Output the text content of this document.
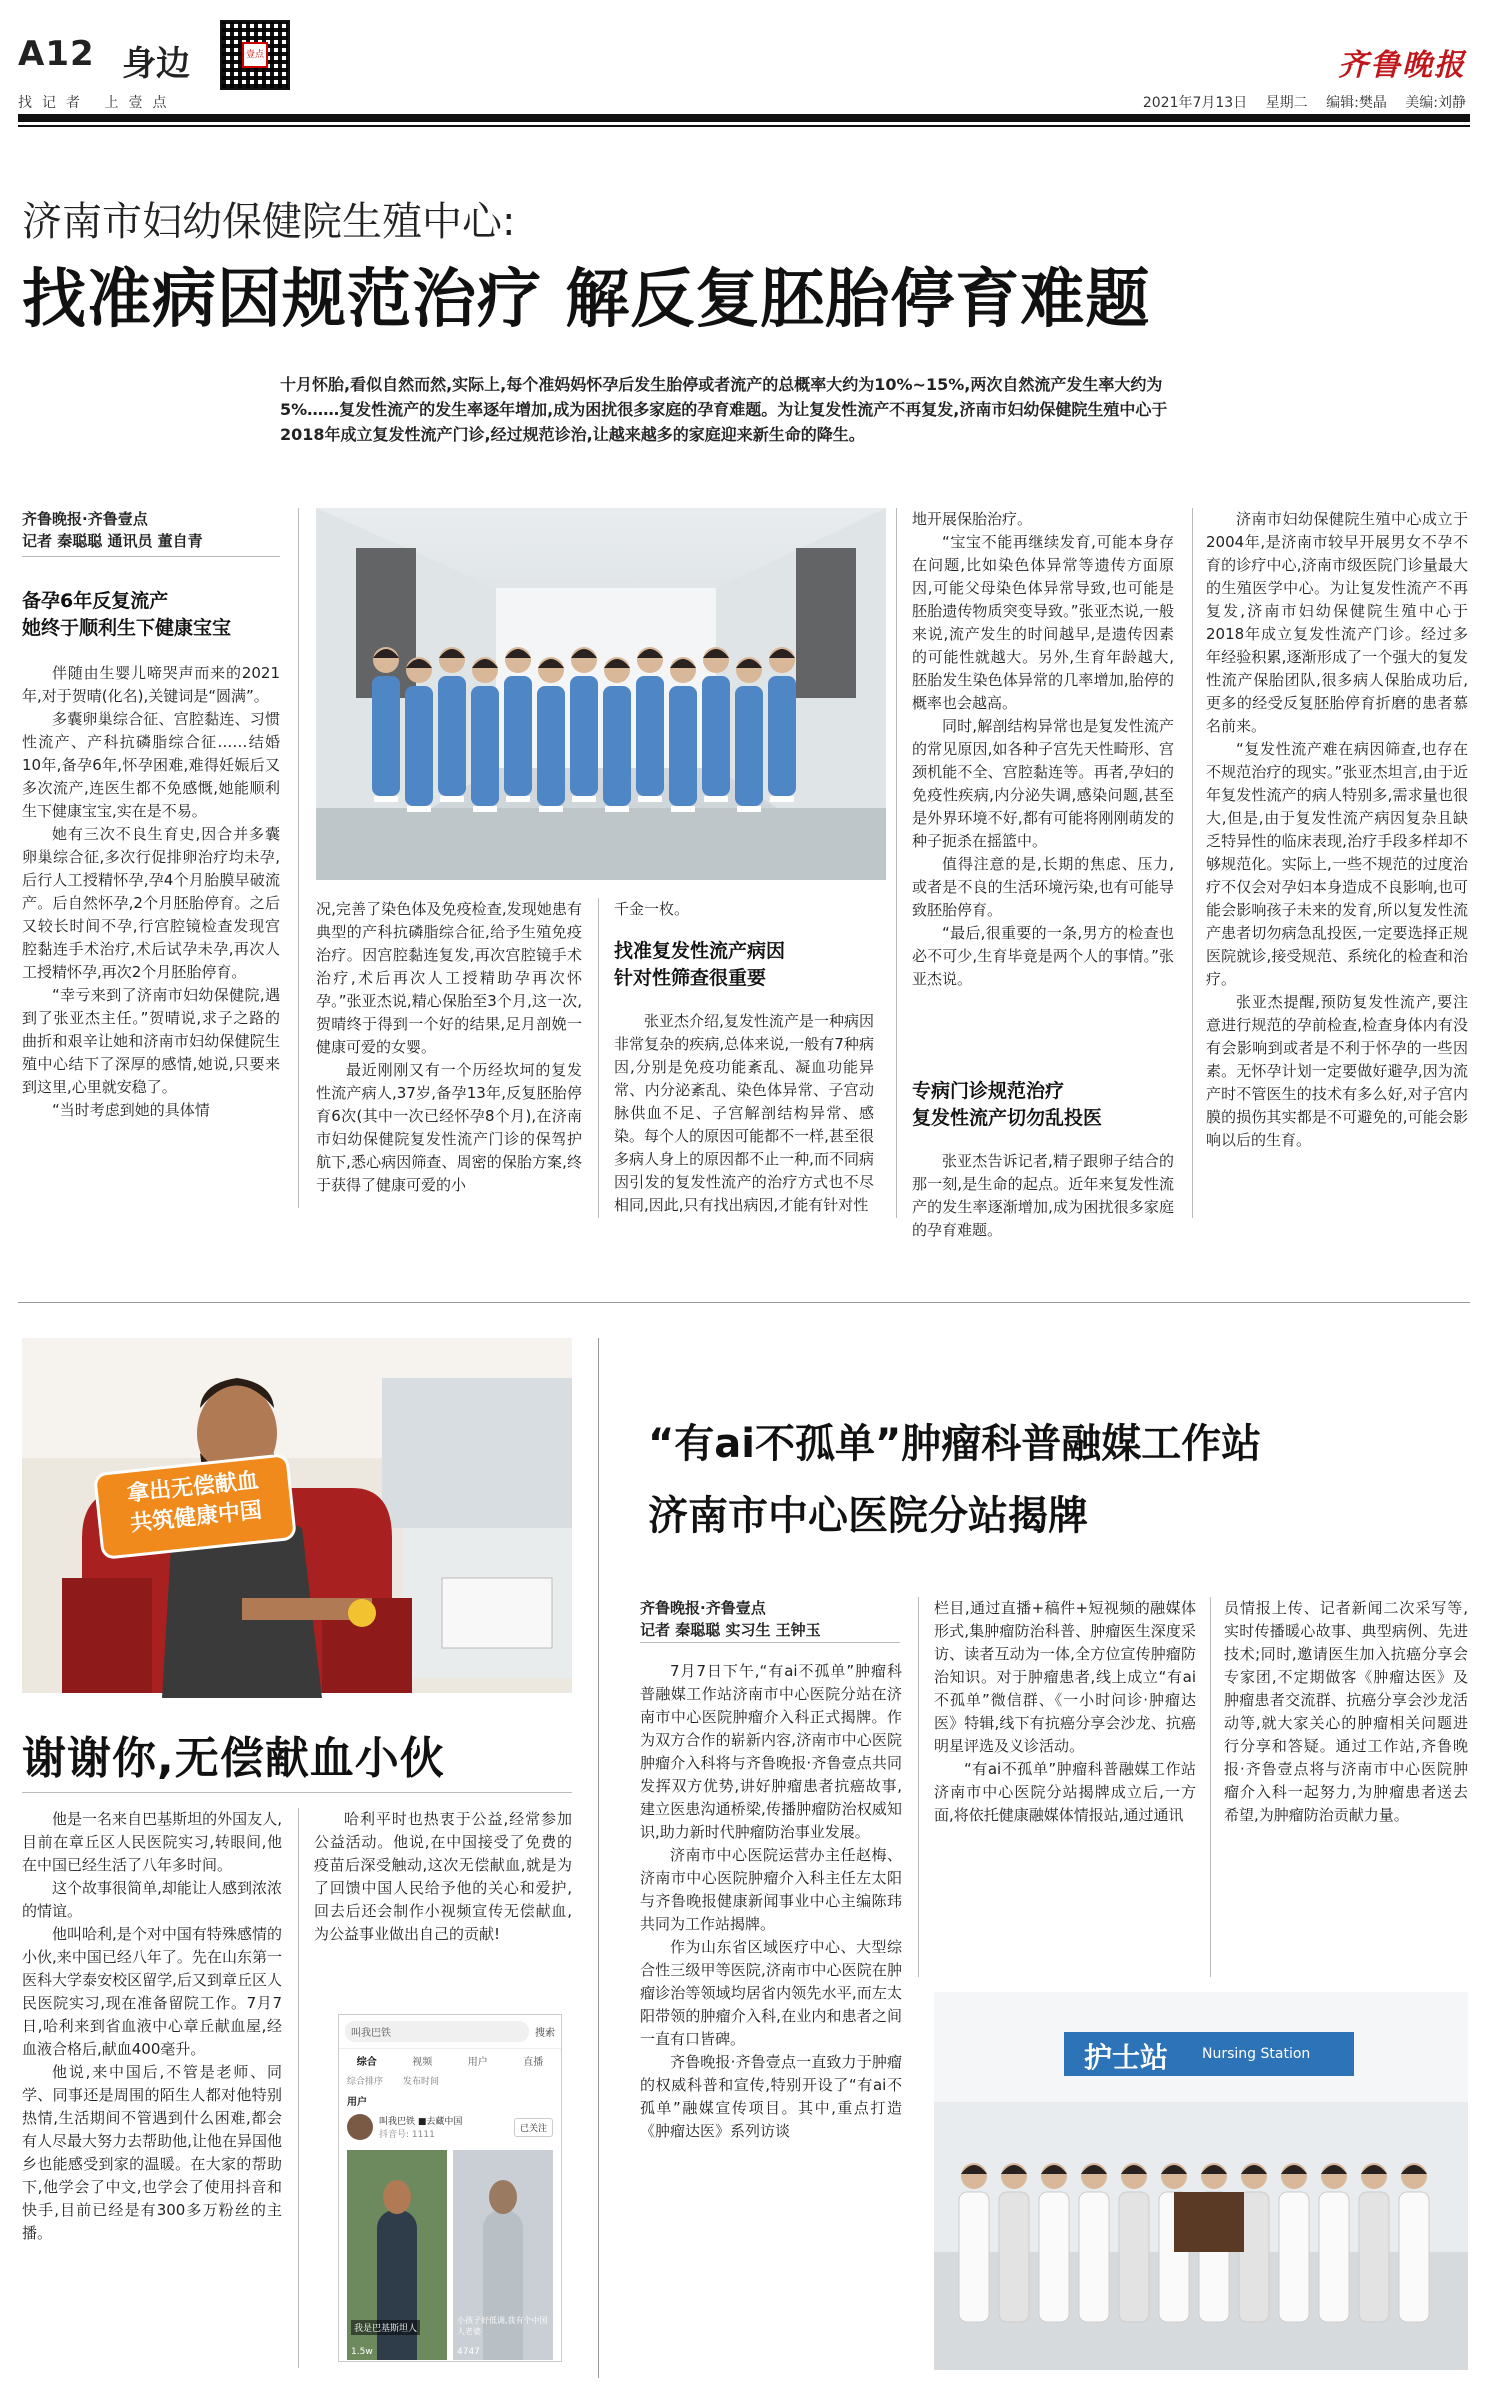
A12 身边
找记者 上壹点
壹点	齐鲁晚报
2021年7月13日 星期二 编辑:樊晶 美编:刘静
济南市妇幼保健院生殖中心:
找准病因规范治疗 解反复胚胎停育难题
十月怀胎,看似自然而然,实际上,每个准妈妈怀孕后发生胎停或者流产的总概率大约为10%~15%,两次自然流产发生率大约为5%……复发性流产的发生率逐年增加,成为困扰很多家庭的孕育难题。为让复发性流产不再复发,济南市妇幼保健院生殖中心于2018年成立复发性流产门诊,经过规范诊治,让越来越多的家庭迎来新生命的降生。
齐鲁晚报·齐鲁壹点
记者 秦聪聪 通讯员 董自青
备孕6年反复流产
她终于顺利生下健康宝宝

伴随由生婴儿啼哭声而来的2021年,对于贺晴(化名),关键词是“圆满”。

多囊卵巢综合征、宫腔黏连、习惯性流产、产科抗磷脂综合征……结婚10年,备孕6年,怀孕困难,难得妊娠后又多次流产,连医生都不免感慨,她能顺利生下健康宝宝,实在是不易。

她有三次不良生育史,因合并多囊卵巢综合征,多次行促排卵治疗均未孕,后行人工授精怀孕,孕4个月胎膜早破流产。后自然怀孕,2个月胚胎停育。之后又较长时间不孕,行宫腔镜检查发现宫腔黏连手术治疗,术后试孕未孕,再次人工授精怀孕,再次2个月胚胎停育。

“幸亏来到了济南市妇幼保健院,遇到了张亚杰主任。”贺晴说,求子之路的曲折和艰辛让她和济南市妇幼保健院生殖中心结下了深厚的感情,她说,只要来到这里,心里就安稳了。

“当时考虑到她的具体情

况,完善了染色体及免疫检查,发现她患有典型的产科抗磷脂综合征,给予生殖免疫治疗。因宫腔黏连复发,再次宫腔镜手术治疗,术后再次人工授精助孕再次怀孕。”张亚杰说,精心保胎至3个月,这一次,贺晴终于得到一个好的结果,足月剖娩一健康可爱的女婴。

最近刚刚又有一个历经坎坷的复发性流产病人,37岁,备孕13年,反复胚胎停育6次(其中一次已经怀孕8个月),在济南市妇幼保健院复发性流产门诊的保驾护航下,悉心病因筛查、周密的保胎方案,终于获得了健康可爱的小

千金一枚。

找准复发性流产病因
针对性筛查很重要

张亚杰介绍,复发性流产是一种病因非常复杂的疾病,总体来说,一般有7种病因,分别是免疫功能紊乱、凝血功能异常、内分泌紊乱、染色体异常、子宫动脉供血不足、子宫解剖结构异常、感染。每个人的原因可能都不一样,甚至很多病人身上的原因都不止一种,而不同病因引发的复发性流产的治疗方式也不尽相同,因此,只有找出病因,才能有针对性

地开展保胎治疗。

“宝宝不能再继续发育,可能本身存在问题,比如染色体异常等遗传方面原因,可能父母染色体异常导致,也可能是胚胎遗传物质突变导致。”张亚杰说,一般来说,流产发生的时间越早,是遗传因素的可能性就越大。另外,生育年龄越大,胚胎发生染色体异常的几率增加,胎停的概率也会越高。

同时,解剖结构异常也是复发性流产的常见原因,如各种子宫先天性畸形、宫颈机能不全、宫腔黏连等。再者,孕妇的免疫性疾病,内分泌失调,感染问题,甚至是外界环境不好,都有可能将刚刚萌发的种子扼杀在摇篮中。

值得注意的是,长期的焦虑、压力,或者是不良的生活环境污染,也有可能导致胚胎停育。

“最后,很重要的一条,男方的检查也必不可少,生育毕竟是两个人的事情。”张亚杰说。

专病门诊规范治疗
复发性流产切勿乱投医

张亚杰告诉记者,精子跟卵子结合的那一刻,是生命的起点。近年来复发性流产的发生率逐渐增加,成为困扰很多家庭的孕育难题。

济南市妇幼保健院生殖中心成立于2004年,是济南市较早开展男女不孕不育的诊疗中心,济南市级医院门诊量最大的生殖医学中心。为让复发性流产不再复发,济南市妇幼保健院生殖中心于2018年成立复发性流产门诊。经过多年经验积累,逐渐形成了一个强大的复发性流产保胎团队,很多病人保胎成功后,更多的经受反复胚胎停育折磨的患者慕名前来。

“复发性流产难在病因筛查,也存在不规范治疗的现实。”张亚杰坦言,由于近年复发性流产的病人特别多,需求量也很大,但是,由于复发性流产病因复杂且缺乏特异性的临床表现,治疗手段多样却不够规范化。实际上,一些不规范的过度治疗不仅会对孕妇本身造成不良影响,也可能会影响孩子未来的发育,所以复发性流产患者切勿病急乱投医,一定要选择正规医院就诊,接受规范、系统化的检查和治疗。

张亚杰提醒,预防复发性流产,要注意进行规范的孕前检查,检查身体内有没有会影响到或者是不利于怀孕的一些因素。无怀孕计划一定要做好避孕,因为流产时不管医生的技术有多么好,对子宫内膜的损伤其实都是不可避免的,可能会影响以后的生育。

拿出无偿献血
共筑健康中国
谢谢你,无偿献血小伙

他是一名来自巴基斯坦的外国友人,目前在章丘区人民医院实习,转眼间,他在中国已经生活了八年多时间。

这个故事很简单,却能让人感到浓浓的情谊。

他叫哈利,是个对中国有特殊感情的小伙,来中国已经八年了。先在山东第一医科大学泰安校区留学,后又到章丘区人民医院实习,现在准备留院工作。7月7日,哈利来到省血液中心章丘献血屋,经血液合格后,献血400毫升。

他说,来中国后,不管是老师、同学、同事还是周围的陌生人都对他特别热情,生活期间不管遇到什么困难,都会有人尽最大努力去帮助他,让他在异国他乡也能感受到家的温暖。在大家的帮助下,他学会了中文,也学会了使用抖音和快手,目前已经是有300多万粉丝的主播。

哈利平时也热衷于公益,经常参加公益活动。他说,在中国接受了免费的疫苗后深受触动,这次无偿献血,就是为了回馈中国人民给予他的关心和爱护,回去后还会制作小视频宣传无偿献血,为公益事业做出自己的贡献!

叫我巴铁	搜索
综合	视频	用户	直播
综合排序 发布时间
用户
叫我巴铁 ■去藏中国
抖音号: 1111
已关注
我是巴基斯坦人
1.5w
小孩子好低调,我有个中国人老婆
4747
“有ai不孤单”肿瘤科普融媒工作站
济南市中心医院分站揭牌
齐鲁晚报·齐鲁壹点
记者 秦聪聪 实习生 王钟玉

7月7日下午,“有ai不孤单”肿瘤科普融媒工作站济南市中心医院分站在济南市中心医院肿瘤介入科正式揭牌。作为双方合作的崭新内容,济南市中心医院肿瘤介入科将与齐鲁晚报·齐鲁壹点共同发挥双方优势,讲好肿瘤患者抗癌故事,建立医患沟通桥梁,传播肿瘤防治权威知识,助力新时代肿瘤防治事业发展。

济南市中心医院运营办主任赵梅、济南市中心医院肿瘤介入科主任左太阳与齐鲁晚报健康新闻事业中心主编陈玮共同为工作站揭牌。

作为山东省区域医疗中心、大型综合性三级甲等医院,济南市中心医院在肿瘤诊治等领域均居省内领先水平,而左太阳带领的肿瘤介入科,在业内和患者之间一直有口皆碑。

齐鲁晚报·齐鲁壹点一直致力于肿瘤的权威科普和宣传,特别开设了“有ai不孤单”融媒宣传项目。其中,重点打造《肿瘤达医》系列访谈

栏目,通过直播+稿件+短视频的融媒体形式,集肿瘤防治科普、肿瘤医生深度采访、读者互动为一体,全方位宣传肿瘤防治知识。对于肿瘤患者,线上成立“有ai不孤单”微信群、《一小时问诊·肿瘤达医》特辑,线下有抗癌分享会沙龙、抗癌明星评选及义诊活动。

“有ai不孤单”肿瘤科普融媒工作站济南市中心医院分站揭牌成立后,一方面,将依托健康融媒体情报站,通过通讯

员情报上传、记者新闻二次采写等,实时传播暖心故事、典型病例、先进技术;同时,邀请医生加入抗癌分享会专家团,不定期做客《肿瘤达医》及肿瘤患者交流群、抗癌分享会沙龙活动等,就大家关心的肿瘤相关问题进行分享和答疑。通过工作站,齐鲁晚报·齐鲁壹点将与济南市中心医院肿瘤介入科一起努力,为肿瘤患者送去希望,为肿瘤防治贡献力量。

护士站 Nursing Station
